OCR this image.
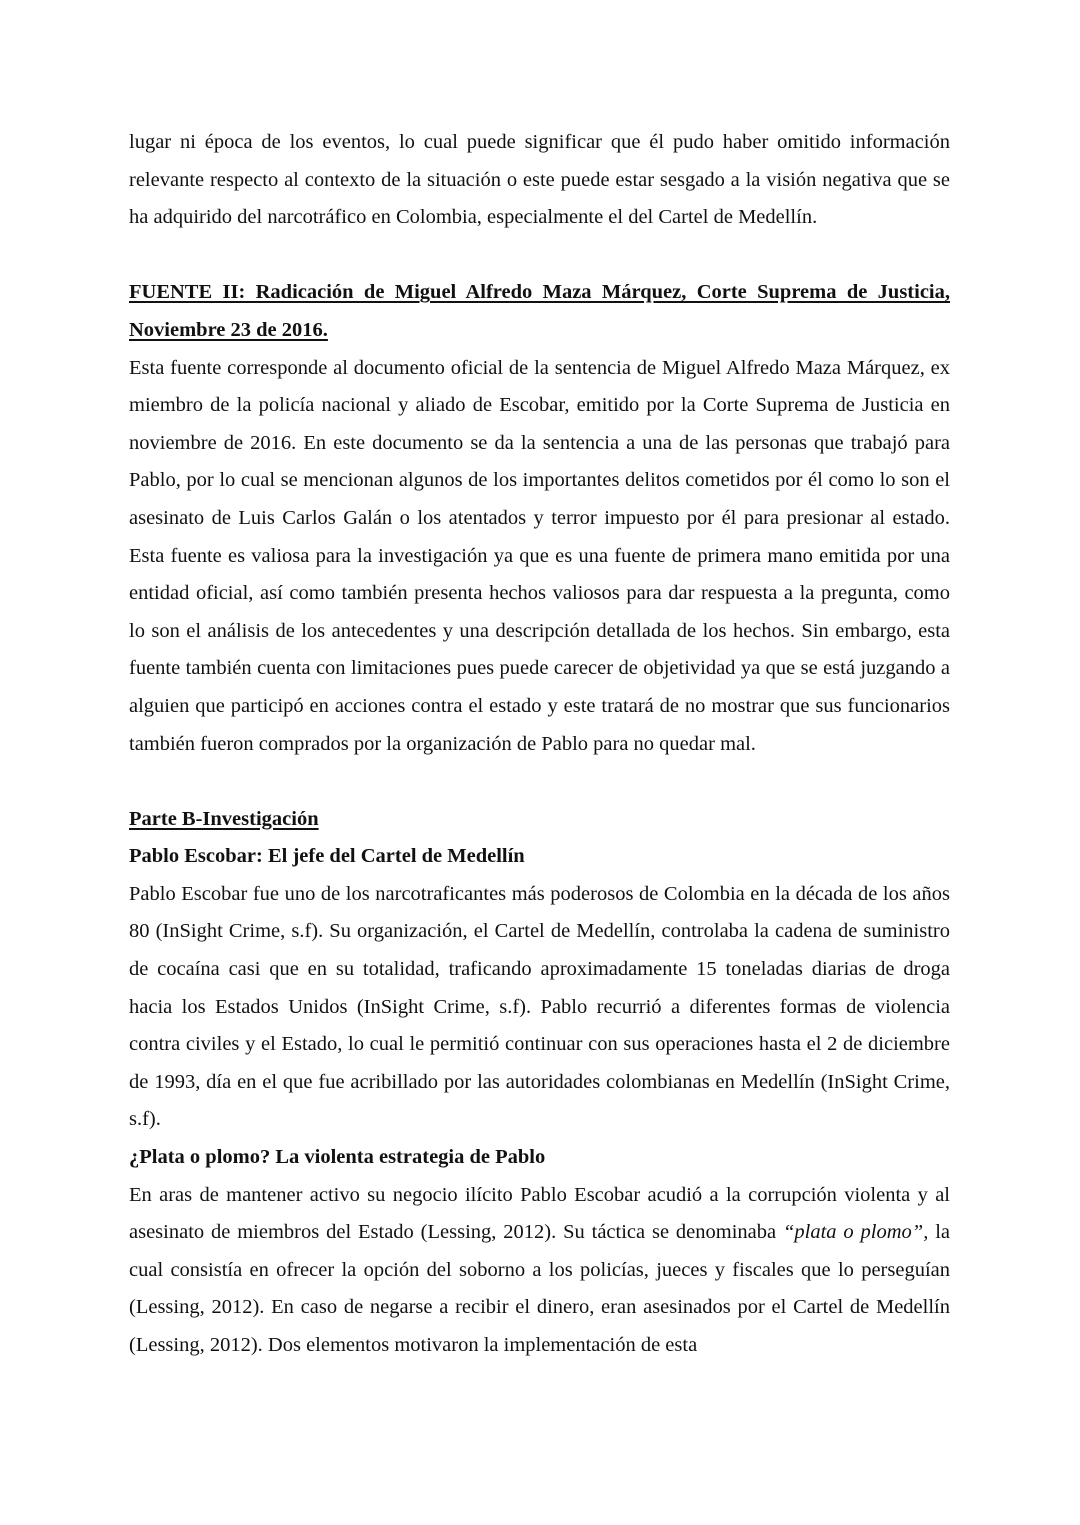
lugar ni época de los eventos, lo cual puede significar que él pudo haber omitido información relevante respecto al contexto de la situación o este puede estar sesgado a la visión negativa que se ha adquirido del narcotráfico en Colombia, especialmente el del Cartel de Medellín.

FUENTE II: Radicación de Miguel Alfredo Maza Márquez, Corte Suprema de Justicia, Noviembre 23 de 2016.

Esta fuente corresponde al documento oficial de la sentencia de Miguel Alfredo Maza Márquez, ex miembro de la policía nacional y aliado de Escobar, emitido por la Corte Suprema de Justicia en noviembre de 2016. En este documento se da la sentencia a una de las personas que trabajó para Pablo, por lo cual se mencionan algunos de los importantes delitos cometidos por él como lo son el asesinato de Luis Carlos Galán o los atentados y terror impuesto por él para presionar al estado. Esta fuente es valiosa para la investigación ya que es una fuente de primera mano emitida por una entidad oficial, así como también presenta hechos valiosos para dar respuesta a la pregunta, como lo son el análisis de los antecedentes y una descripción detallada de los hechos. Sin embargo, esta fuente también cuenta con limitaciones pues puede carecer de objetividad ya que se está juzgando a alguien que participó en acciones contra el estado y este tratará de no mostrar que sus funcionarios también fueron comprados por la organización de Pablo para no quedar mal.

Parte B-Investigación

Pablo Escobar: El jefe del Cartel de Medellín

Pablo Escobar fue uno de los narcotraficantes más poderosos de Colombia en la década de los años 80 (InSight Crime, s.f). Su organización, el Cartel de Medellín, controlaba la cadena de suministro de cocaína casi que en su totalidad, traficando aproximadamente 15 toneladas diarias de droga hacia los Estados Unidos (InSight Crime, s.f). Pablo recurrió a diferentes formas de violencia contra civiles y el Estado, lo cual le permitió continuar con sus operaciones hasta el 2 de diciembre de 1993, día en el que fue acribillado por las autoridades colombianas en Medellín (InSight Crime, s.f).

¿Plata o plomo? La violenta estrategia de Pablo

En aras de mantener activo su negocio ilícito Pablo Escobar acudió a la corrupción violenta y al asesinato de miembros del Estado (Lessing, 2012). Su táctica se denominaba “plata o plomo”, la cual consistía en ofrecer la opción del soborno a los policías, jueces y fiscales que lo perseguían (Lessing, 2012). En caso de negarse a recibir el dinero, eran asesinados por el Cartel de Medellín (Lessing, 2012). Dos elementos motivaron la implementación de esta
